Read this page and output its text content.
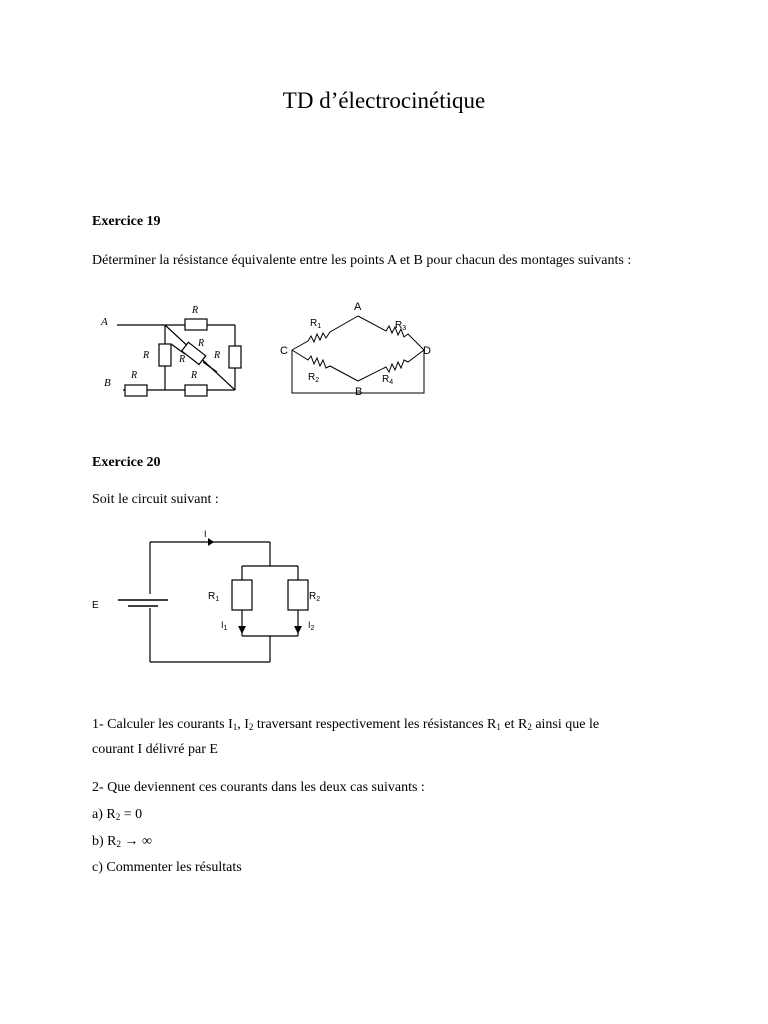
TD d’électrocinétique
Exercice 19
Déterminer la résistance équivalente entre les points A et B pour chacun des montages suivants :
A
B
R
R
R
R	R
R	R
A
B
C	D
$R_1$	$R_3$
$R_2$	$R_4$
Exercice 20
Soit le circuit suivant :
I
E
$R_1$	$R_2$
$I_1$	$I_2$
1- Calculer les courants $I_1$, $I_2$ traversant respectivement les résistances $R_1$ et $R_2$ ainsi que le
courant I délivré par E
2- Que deviennent ces courants dans les deux cas suivants :
a) $R_2 = 0$
b) $R_2$ → ∞
c) Commenter les résultats
